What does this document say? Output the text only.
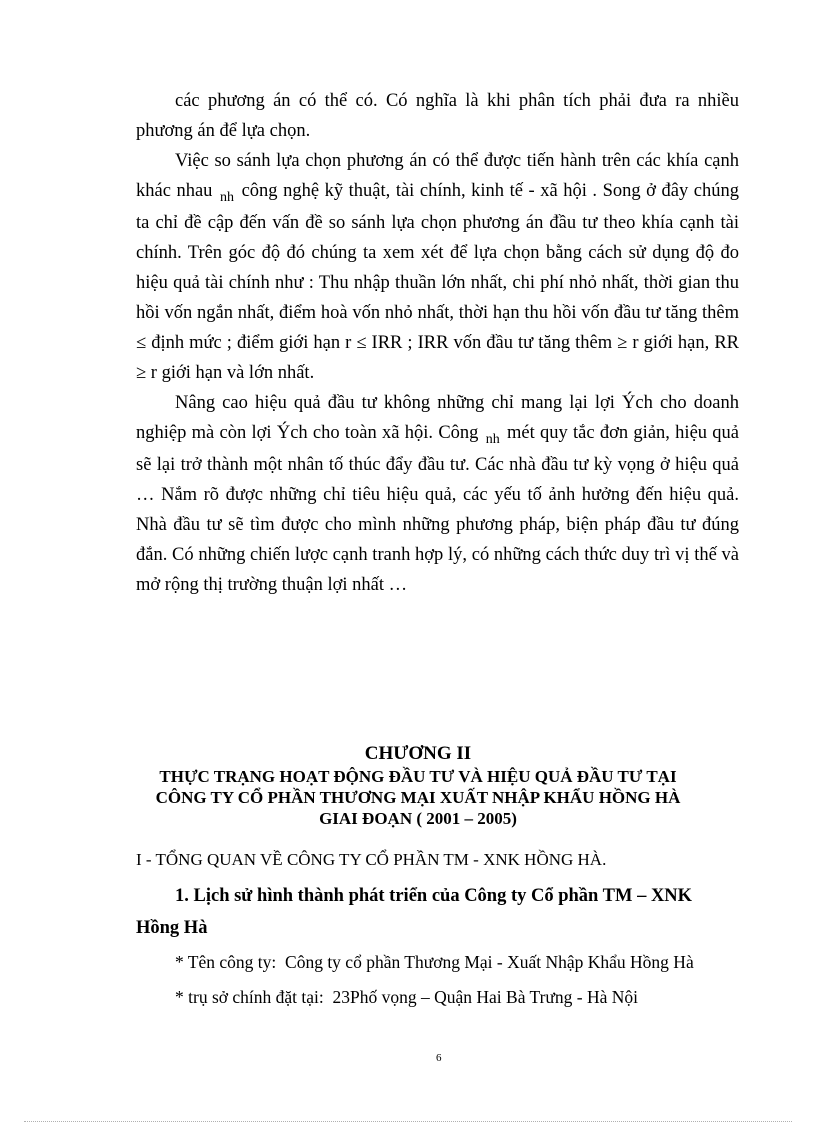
các phương án có thể có. Có nghĩa là khi phân tích phải đưa ra nhiều phương án để lựa chọn.

Việc so sánh lựa chọn phương án có thể được tiến hành trên các khía cạnh khác nhau $_{nh}$ công nghệ kỹ thuật, tài chính, kinh tế - xã hội . Song ở đây chúng ta chỉ đề cập đến vấn đề so sánh lựa chọn phương án đầu tư theo khía cạnh tài chính. Trên góc độ đó chúng ta xem xét để lựa chọn bằng cách sử dụng độ đo hiệu quả tài chính như : Thu nhập thuần lớn nhất, chi phí nhỏ nhất, thời gian thu hồi vốn ngắn nhất, điểm hoà vốn nhỏ nhất, thời hạn thu hồi vốn đầu tư tăng thêm ≤ định mức ; điểm giới hạn r ≤ IRR ; IRR vốn đầu tư tăng thêm ≥ r giới hạn, RR ≥ r giới hạn và lớn nhất.

Nâng cao hiệu quả đầu tư không những chỉ mang lại lợi Ých cho doanh nghiệp mà còn lợi Ých cho toàn xã hội. Công $_{nh}$ mét quy tắc đơn giản, hiệu quả sẽ lại trở thành một nhân tố thúc đẩy đầu tư. Các nhà đầu tư kỳ vọng ở hiệu quả … Nắm rõ được những chỉ tiêu hiệu quả, các yếu tố ảnh hưởng đến hiệu quả. Nhà đầu tư sẽ tìm được cho mình những phương pháp, biện pháp đầu tư đúng đắn. Có những chiến lược cạnh tranh hợp lý, có những cách thức duy trì vị thế và mở rộng thị trường thuận lợi nhất …

CHƯƠNG II
THỰC TRẠNG HOẠT ĐỘNG ĐẦU TƯ VÀ HIỆU QUẢ ĐẦU TƯ TẠI
CÔNG TY CỔ PHẦN THƯƠNG MẠI XUẤT NHẬP KHẨU HỒNG HÀ
GIAI ĐOẠN ( 2001 – 2005)
I - TỔNG QUAN VỀ CÔNG TY CỔ PHẦN TM - XNK HỒNG HÀ.
1. Lịch sử hình thành phát triển của Công ty Cổ phần TM – XNK
Hồng Hà
* Tên công ty: Công ty cổ phần Thương Mại - Xuất Nhập Khẩu Hồng Hà
* trụ sở chính đặt tại: 23Phố vọng – Quận Hai Bà Trưng - Hà Nội
6
